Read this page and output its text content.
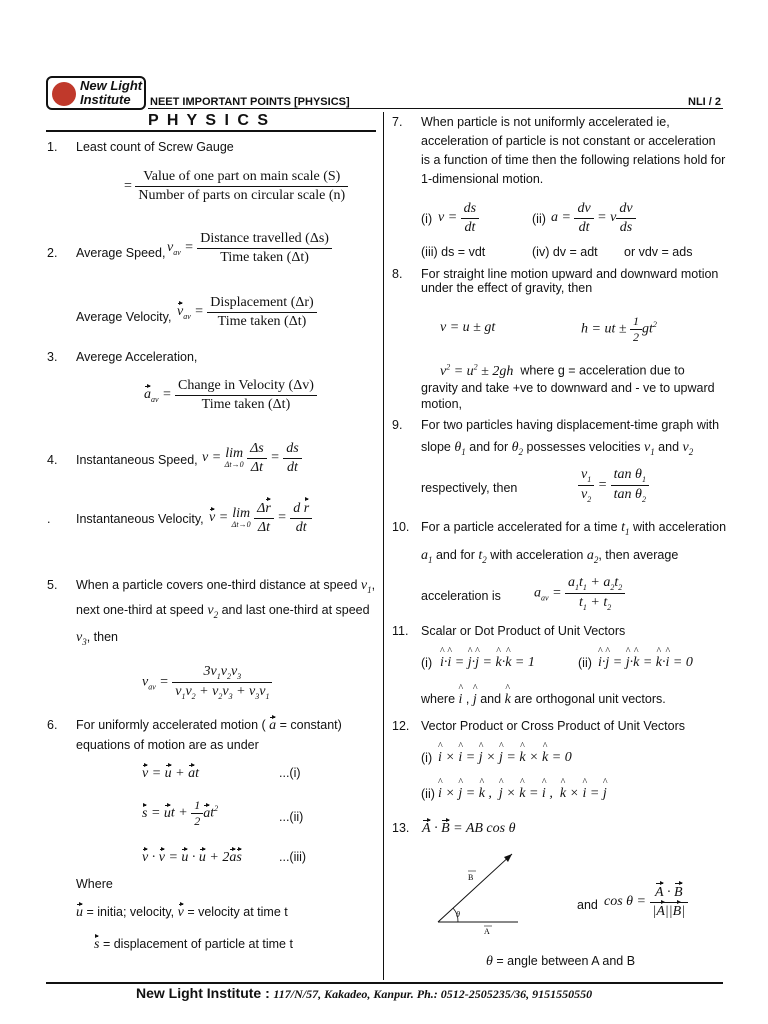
New Light
Institute	NEET IMPORTANT POINTS [PHYSICS]	NLI / 2
P H Y S I C S
1. Least count of Screw Gauge
= $\frac{\text{Value of one part on main scale (S)}}{\text{Number of parts on circular scale (n)}}$
2. Average Speed, $v_{av} = \frac{\text{Distance travelled (Δs)}}{\text{Time taken (Δt)}}$
Average Velocity, $v_{av} = \frac{\text{Displacement (Δr)}}{\text{Time taken (Δt)}}$
3. Averege Acceleration,
$a_{av} = \frac{\text{Change in Velocity (Δv)}}{\text{Time taken (Δt)}}$
4. Instantaneous Speed, v = lim
Δt→0
$\frac{\Delta s}{\Delta t} = \frac{ds}{dt}$
. Instantaneous Velocity, v = lim
Δt→0
$\frac{\Delta r}{\Delta t} = \frac{\text{d r}}{dt}$
5. When a particle covers one-third distance at speed $v_1$,
next one-third at speed $v_2$ and last one-third at speed
$v_3$, then
$v_{av} = \frac{3v_1v_2v_3}{v_1v_2 + v_2v_3 + v_3v_1}$
6. For uniformly accelerated motion ( a = constant)
equations of motion are as under
v = u + at	...(i)
s = ut + $\frac{1}{2} at^2$
...(ii)
v · v = u · u + 2as	...(iii)
Where
u = initia; velocity, v = velocity at time t
s = displacement of particle at time t
7. When particle is not uniformly accelerated ie,
acceleration of particle is not constant or acceleration
is a function of time then the following relations hold for
1-dimensional motion.
(i) $v = \frac{ds}{dt}$	(ii) $a = \frac{dv}{dt} = v \frac{dv}{ds}$
(iii) ds = vdt	(iv) dv = adt or vdv = ads
8. For straight line motion upward and downward motion
under the effect of gravity, then
v = u ± gt	h = ut ± $\frac{1}{2} gt^2$
$v^2 = u^2 \pm 2gh$ where g = acceleration due to
gravity and take +ve to downward and - ve to upward
motion,
9. For two particles having displacement-time graph with
slope $\theta_1$ and for $\theta_2$ possesses velocities $v_1$ and $v_2$
respectively, then	$\frac{v_1}{v_2} = \frac{\tan \theta_1}{\tan \theta_2}$
10. For a particle accelerated for a time $t_1$ with acceleration
$a_1$ and for $t_2$ with acceleration $a_2$, then average
acceleration is $a_{av} = \frac{a_1t_1 + a_2t_2}{t_1 + t_2}$
11. Scalar or Dot Product of Unit Vectors
(i) ^ i·^ i = ^ j·^ j = ^ k·^ k = 1	(ii) ^ i·^ j = ^ j·^ k = ^ k·^ i = 0
where ^ i , ^ j and ^ k are orthogonal unit vectors.
12. Vector Product or Cross Product of Unit Vectors
(i) ^ i × ^ i = ^ j × ^ j = ^ k × ^ k = 0
(ii) ^ i × ^ j = ^ k ,  ^ j × ^ k = ^ i ,  ^ k × ^ i = ^ j
13. A · B = AB cos θ
θ
B
A
and $\cos \theta = \frac{A \cdot B}{|A||B|}$
θ = angle between A and B
New Light Institute : 117/N/57, Kakadeo, Kanpur. Ph.: 0512-2505235/36, 9151550550
